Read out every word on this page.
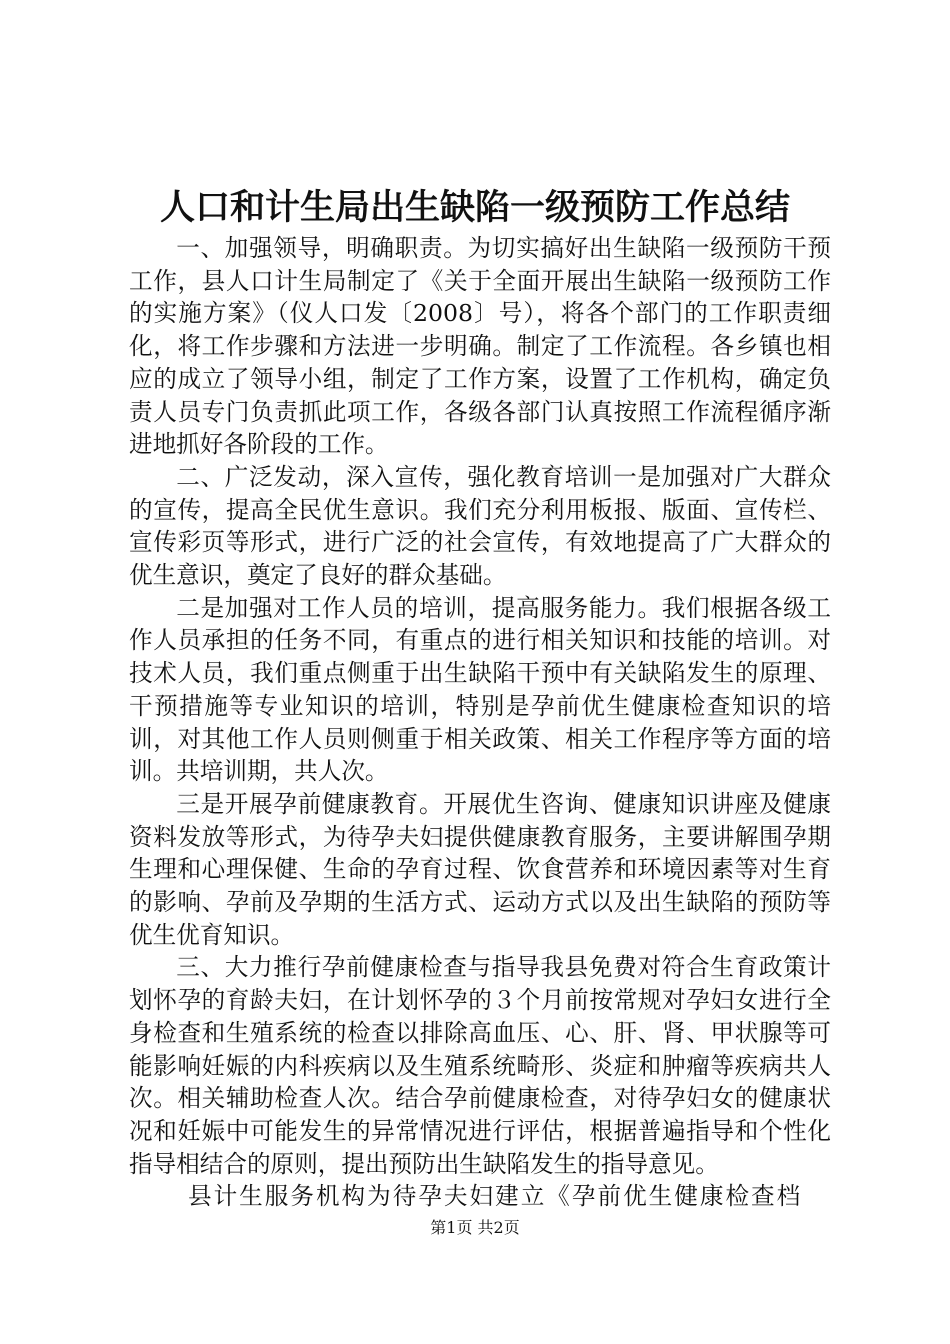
人口和计生局出生缺陷一级预防工作总结

一、加强领导，明确职责。为切实搞好出生缺陷一级预防干预工作，县人口计生局制定了《关于全面开展出生缺陷一级预防工作的实施方案》（仪人口发〔2008〕号），将各个部门的工作职责细化，将工作步骤和方法进一步明确。制定了工作流程。各乡镇也相应的成立了领导小组，制定了工作方案，设置了工作机构，确定负责人员专门负责抓此项工作，各级各部门认真按照工作流程循序渐进地抓好各阶段的工作。

二、广泛发动，深入宣传，强化教育培训一是加强对广大群众的宣传，提高全民优生意识。我们充分利用板报、版面、宣传栏、宣传彩页等形式，进行广泛的社会宣传，有效地提高了广大群众的优生意识，奠定了良好的群众基础。

二是加强对工作人员的培训，提高服务能力。我们根据各级工作人员承担的任务不同，有重点的进行相关知识和技能的培训。对技术人员，我们重点侧重于出生缺陷干预中有关缺陷发生的原理、干预措施等专业知识的培训，特别是孕前优生健康检查知识的培训，对其他工作人员则侧重于相关政策、相关工作程序等方面的培训。共培训期，共人次。

三是开展孕前健康教育。开展优生咨询、健康知识讲座及健康资料发放等形式，为待孕夫妇提供健康教育服务，主要讲解围孕期生理和心理保健、生命的孕育过程、饮食营养和环境因素等对生育的影响、孕前及孕期的生活方式、运动方式以及出生缺陷的预防等优生优育知识。

三、大力推行孕前健康检查与指导我县免费对符合生育政策计划怀孕的育龄夫妇，在计划怀孕的３个月前按常规对孕妇女进行全身检查和生殖系统的检查以排除高血压、心、肝、肾、甲状腺等可能影响妊娠的内科疾病以及生殖系统畸形、炎症和肿瘤等疾病共人次。相关辅助检查人次。结合孕前健康检查，对待孕妇女的健康状况和妊娠中可能发生的异常情况进行评估，根据普遍指导和个性化指导相结合的原则，提出预防出生缺陷发生的指导意见。

县计生服务机构为待孕夫妇建立《孕前优生健康检查档

第1页 共2页
